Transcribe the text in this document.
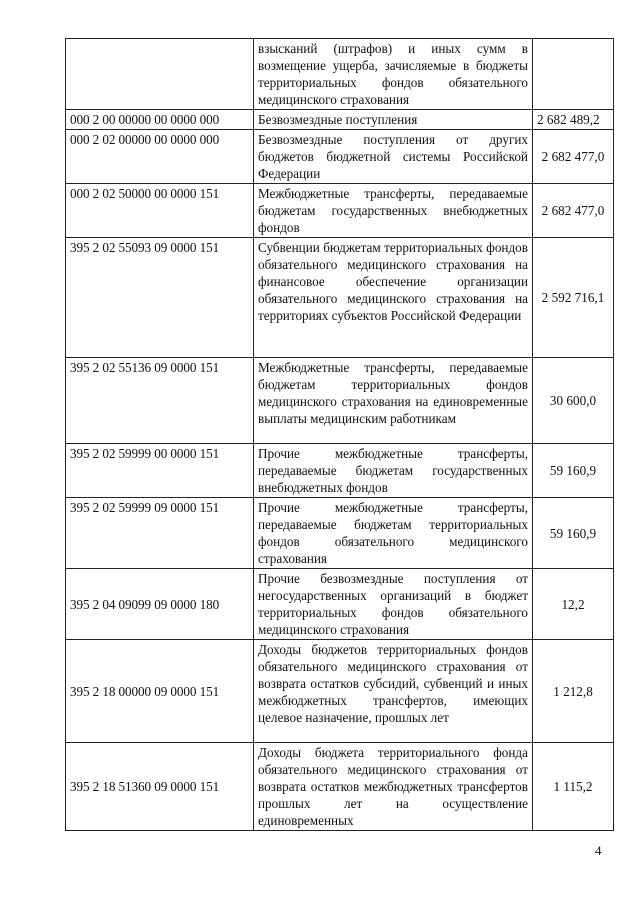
	взысканий (штрафов) и иных сумм в возмещение ущерба, зачисляемые в бюджеты территориальных фондов обязательного медицинского страхования	
000 2 00 00000 00 0000 000	Безвозмездные поступления	2 682 489,2
000 2 02 00000 00 0000 000	Безвозмездные поступления от других бюджетов бюджетной системы Российской Федерации	2 682 477,0
000 2 02 50000 00 0000 151	Межбюджетные трансферты, передаваемые бюджетам государственных внебюджетных фондов	2 682 477,0
395 2 02 55093 09 0000 151	Субвенции бюджетам территориальных фондов обязательного медицинского страхования на финансовое обеспечение организации обязательного медицинского страхования на территориях субъектов Российской Федерации	2 592 716,1
395 2 02 55136 09 0000 151	Межбюджетные трансферты, передаваемые бюджетам территориальных фондов медицинского страхования на единовременные выплаты медицинским работникам	30 600,0
395 2 02 59999 00 0000 151	Прочие межбюджетные трансферты, передаваемые бюджетам государственных внебюджетных фондов	59 160,9
395 2 02 59999 09 0000 151	Прочие межбюджетные трансферты, передаваемые бюджетам территориальных фондов обязательного медицинского страхования	59 160,9
395 2 04 09099 09 0000 180	Прочие безвозмездные поступления от негосударственных организаций в бюджет территориальных фондов обязательного медицинского страхования	12,2
395 2 18 00000 09 0000 151	Доходы бюджетов территориальных фондов обязательного медицинского страхования от возврата остатков субсидий, субвенций и иных межбюджетных трансфертов, имеющих целевое назначение, прошлых лет	1 212,8
395 2 18 51360 09 0000 151	Доходы бюджета территориального фонда обязательного медицинского страхования от возврата остатков межбюджетных трансфертов прошлых лет на осуществление единовременных	1 115,2
4
